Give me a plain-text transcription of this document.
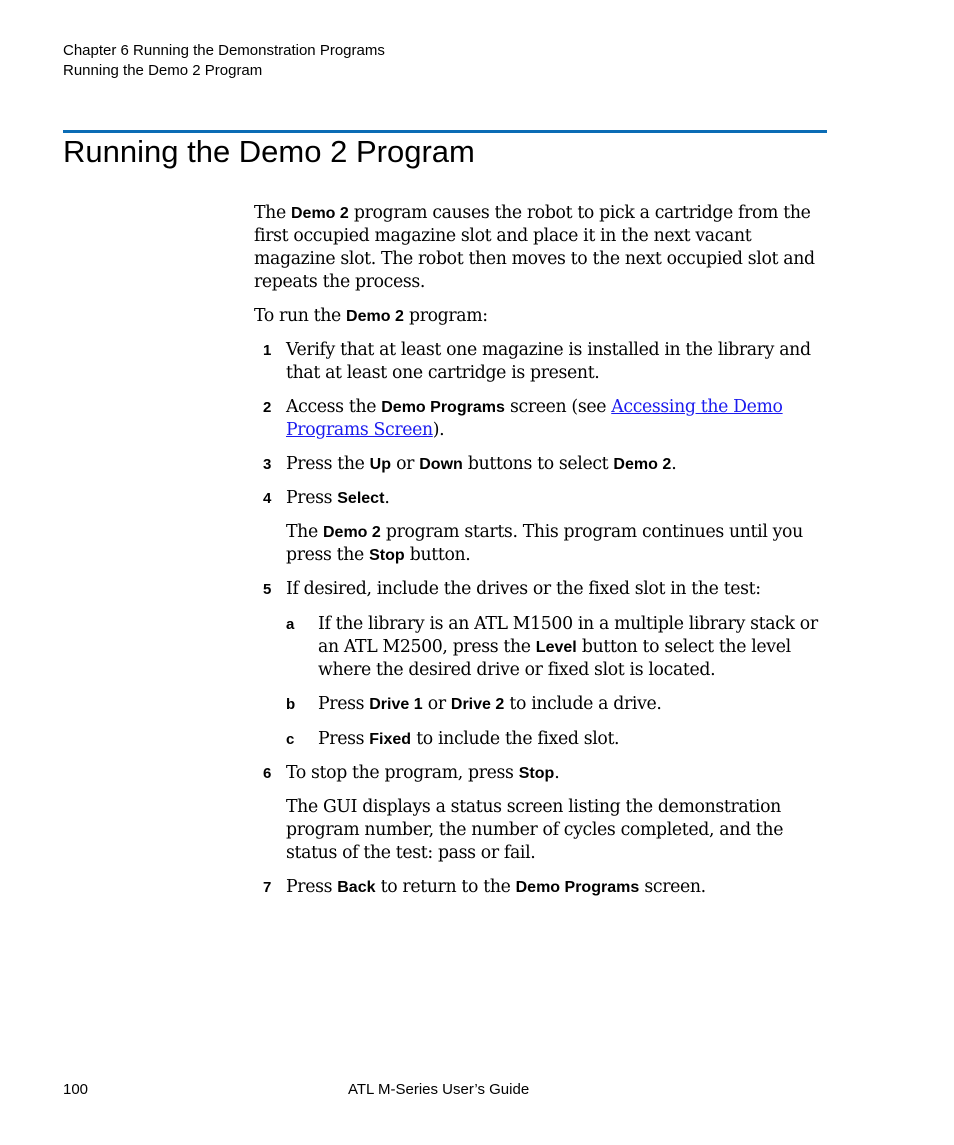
Chapter 6 Running the Demonstration Programs
Running the Demo 2 Program
Running the Demo 2 Program

The Demo 2 program causes the robot to pick a cartridge from the first occupied magazine slot and place it in the next vacant magazine slot. The robot then moves to the next occupied slot and repeats the process.

To run the Demo 2 program:

1 Verify that at least one magazine is installed in the library and that at least one cartridge is present.
2 Access the Demo Programs screen (see Accessing the Demo Programs Screen).
3 Press the Up or Down buttons to select Demo 2.
4 Press Select.

The Demo 2 program starts. This program continues until you press the Stop button.

5 If desired, include the drives or the fixed slot in the test:
a If the library is an ATL M1500 in a multiple library stack or an ATL M2500, press the Level button to select the level where the desired drive or fixed slot is located.
b Press Drive 1 or Drive 2 to include a drive.
c Press Fixed to include the fixed slot.
6 To stop the program, press Stop.

The GUI displays a status screen listing the demonstration program number, the number of cycles completed, and the status of the test: pass or fail.

7 Press Back to return to the Demo Programs screen.
100	ATL M-Series User’s Guide
